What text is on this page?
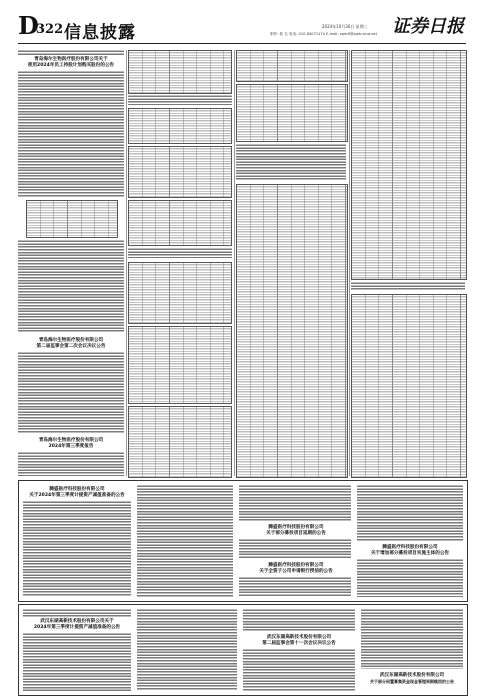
D
322 信息披露	2024年10月30日 星期三
制作: 姓 名 电话: 010-63071174 E-mail: zqrb9@zqrb.sina.net 证券日报
青岛海尔生物医疗股份有限公司关于
使用2024年员工持股计划购买股份的公告
青岛海尔生物医疗股份有限公司
第二届监事会第二次会议决议公告
青岛海尔生物医疗股份有限公司
2024年第三季度报告
腾盛医疗科技股份有限公司
关于2024年第三季度计提资产减值准备的公告
腾盛医疗科技股份有限公司
关于部分募投项目延期的公告
腾盛医疗科技股份有限公司
关于全资子公司申请银行授信的公告
腾盛医疗科技股份有限公司
关于增加部分募投项目实施主体的公告
武汉东湖高新技术股份有限公司关于
2024年第三季度计提资产减值准备的公告
武汉东湖高新技术股份有限公司
第二届监事会第十一次会议决议公告
武汉东湖高新技术股份有限公司
关于部分闲置募集资金现金管理到期赎回的公告
